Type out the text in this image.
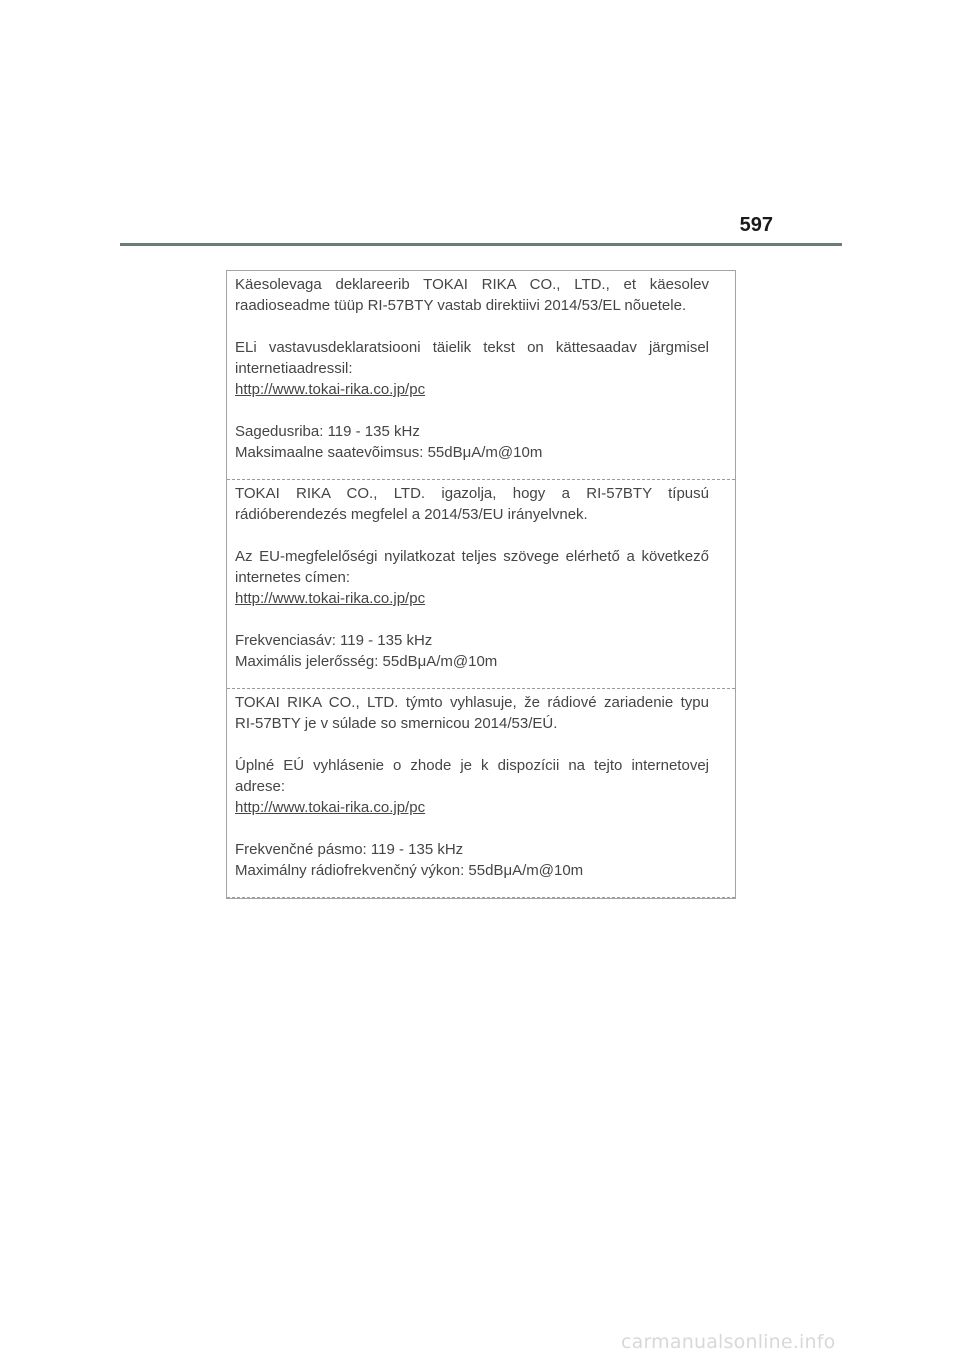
597

Käesolevaga deklareerib TOKAI RIKA CO., LTD., et käesolev
raadioseadme tüüp RI-57BTY vastab direktiivi 2014/53/EL nõuetele.

ELi vastavusdeklaratsiooni täielik tekst on kättesaadav järgmisel
internetiaadressil:
http://www.tokai-rika.co.jp/pc

Sagedusriba: 119 - 135 kHz
Maksimaalne saatevõimsus: 55dBμA/m@10m

TOKAI RIKA CO., LTD. igazolja, hogy a RI-57BTY típusú
rádióberendezés megfelel a 2014/53/EU irányelvnek.

Az EU-megfelelőségi nyilatkozat teljes szövege elérhető a következő
internetes címen:
http://www.tokai-rika.co.jp/pc

Frekvenciasáv: 119 - 135 kHz
Maximális jelerősség: 55dBμA/m@10m

TOKAI RIKA CO., LTD. týmto vyhlasuje, že rádiové zariadenie typu
RI-57BTY je v súlade so smernicou 2014/53/EÚ.

Úplné EÚ vyhlásenie o zhode je k dispozícii na tejto internetovej
adrese:
http://www.tokai-rika.co.jp/pc

Frekvenčné pásmo: 119 - 135 kHz
Maximálny rádiofrekvenčný výkon: 55dBμA/m@10m

carmanualsonline.info
